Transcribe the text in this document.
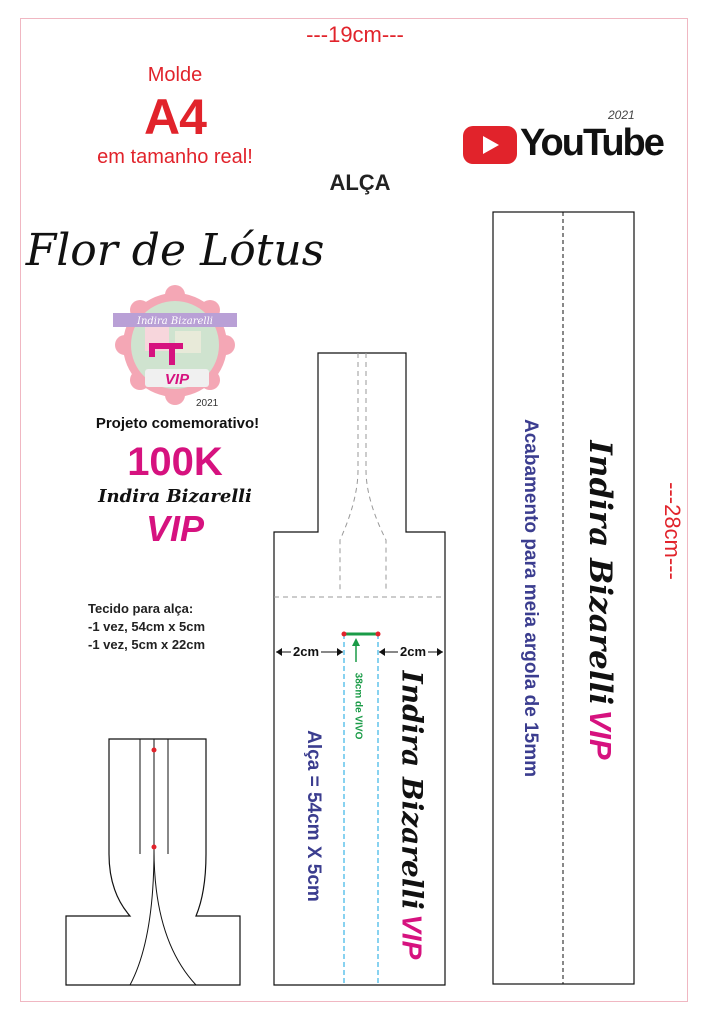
---19cm---
---28cm---
Molde
A4
em tamanho real!
ALÇA
Flor de Lótus
Indira Bizarelli
VIP
2021
Projeto comemorativo!
100K
Indira Bizarelli
VIP
2021
YouTube
Tecido para alça:
-1 vez, 54cm x 5cm
-1 vez, 5cm x 22cm	2cm	2cm
38cm de VIVO
Alça = 54cm X 5cm	Indira Bizarelli VIP
Acabamento para meia argola de 15mm Indira Bizarelli VIP
